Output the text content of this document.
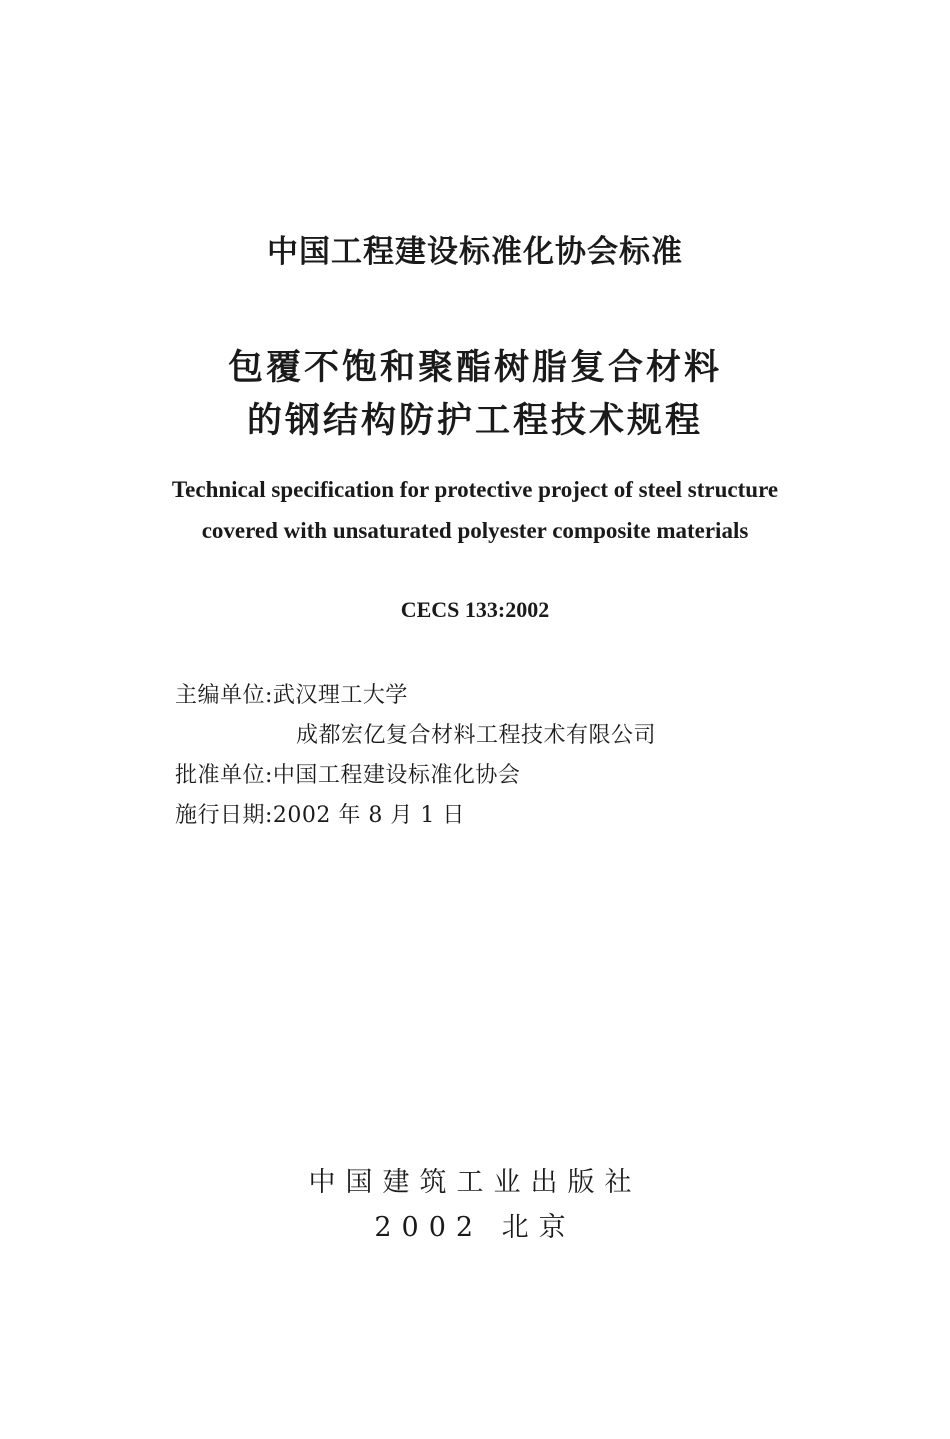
中国工程建设标准化协会标准
包覆不饱和聚酯树脂复合材料
的钢结构防护工程技术规程
Technical specification for protective project of steel structure
covered with unsaturated polyester composite materials
CECS 133:2002
主编单位:武汉理工大学
成都宏亿复合材料工程技术有限公司
批准单位:中国工程建设标准化协会
施行日期:2002 年 8 月 1 日
中国建筑工业出版社
2002 北京
